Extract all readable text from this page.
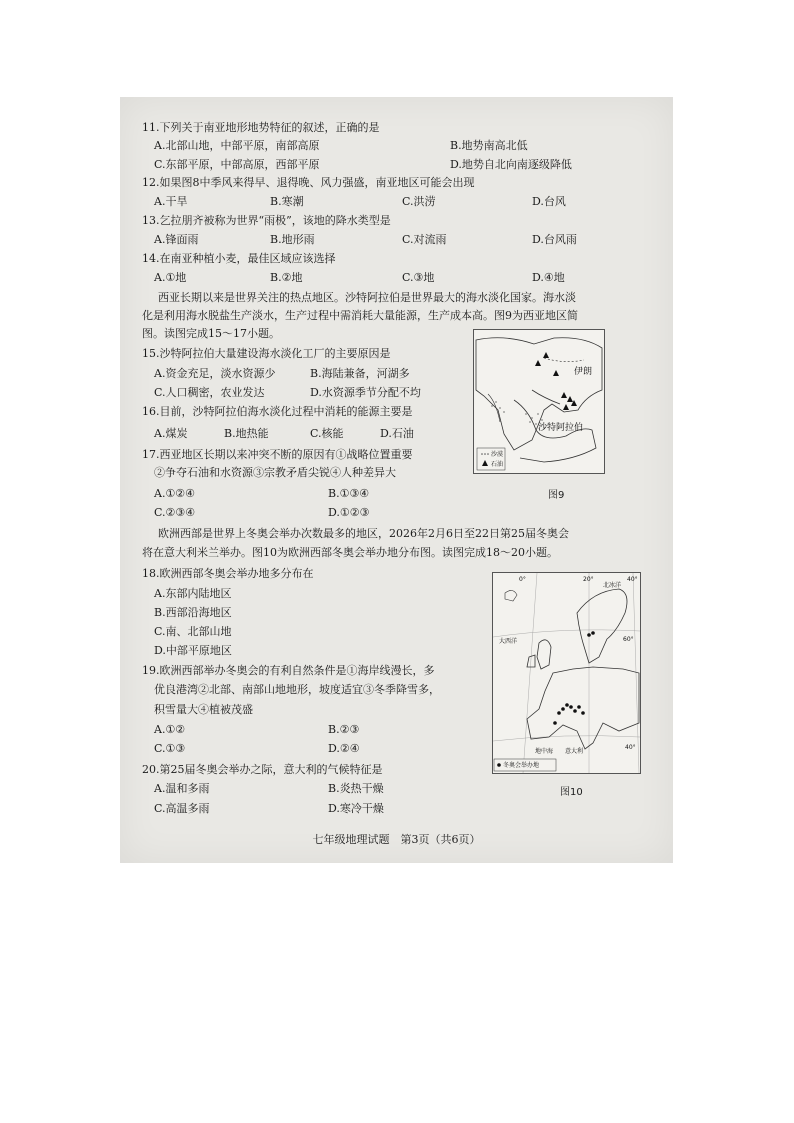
11.下列关于南亚地形地势特征的叙述，正确的是
A.北部山地，中部平原，南部高原	B.地势南高北低
C.东部平原，中部高原，西部平原	D.地势自北向南逐级降低
12.如果图8中季风来得早、退得晚、风力强盛，南亚地区可能会出现
A.干旱	B.寒潮	C.洪涝	D.台风
13.乞拉朋齐被称为世界“雨极”，该地的降水类型是
A.锋面雨	B.地形雨	C.对流雨	D.台风雨
14.在南亚种植小麦，最佳区域应该选择
A.①地	B.②地	C.③地	D.④地
西亚长期以来是世界关注的热点地区。沙特阿拉伯是世界最大的海水淡化国家。海水淡
化是利用海水脱盐生产淡水，生产过程中需消耗大量能源，生产成本高。图9为西亚地区简
图。读图完成15～17小题。
15.沙特阿拉伯大量建设海水淡化工厂的主要原因是
A.资金充足，淡水资源少	B.海陆兼备，河湖多
C.人口稠密，农业发达	D.水资源季节分配不均
16.目前，沙特阿拉伯海水淡化过程中消耗的能源主要是
A.煤炭	B.地热能	C.核能	D.石油
17.西亚地区长期以来冲突不断的原因有①战略位置重要
②争夺石油和水资源③宗教矛盾尖锐④人种差异大
A.①②④	B.①③④
C.②③④	D.①②③
伊朗
沙特阿拉伯
沙漠
石油
图9
欧洲西部是世界上冬奥会举办次数最多的地区，2026年2月6日至22日第25届冬奥会
将在意大利米兰举办。图10为欧洲西部冬奥会举办地分布图。读图完成18～20小题。
18.欧洲西部冬奥会举办地多分布在
A.东部内陆地区
B.西部沿海地区
C.南、北部山地
D.中部平原地区
19.欧洲西部举办冬奥会的有利自然条件是①海岸线漫长，多
优良港湾②北部、南部山地地形，坡度适宜③冬季降雪多，
积雪量大④植被茂盛
A.①②	B.②③
C.①③	D.②④
20.第25届冬奥会举办之际，意大利的气候特征是
A.温和多雨	B.炎热干燥
C.高温多雨	D.寒冷干燥
0°	20°	40°
60°
40°
北冰洋
大西洋
地中海 意大利
冬奥会举办地
图10
七年级地理试题　第3页（共6页）
